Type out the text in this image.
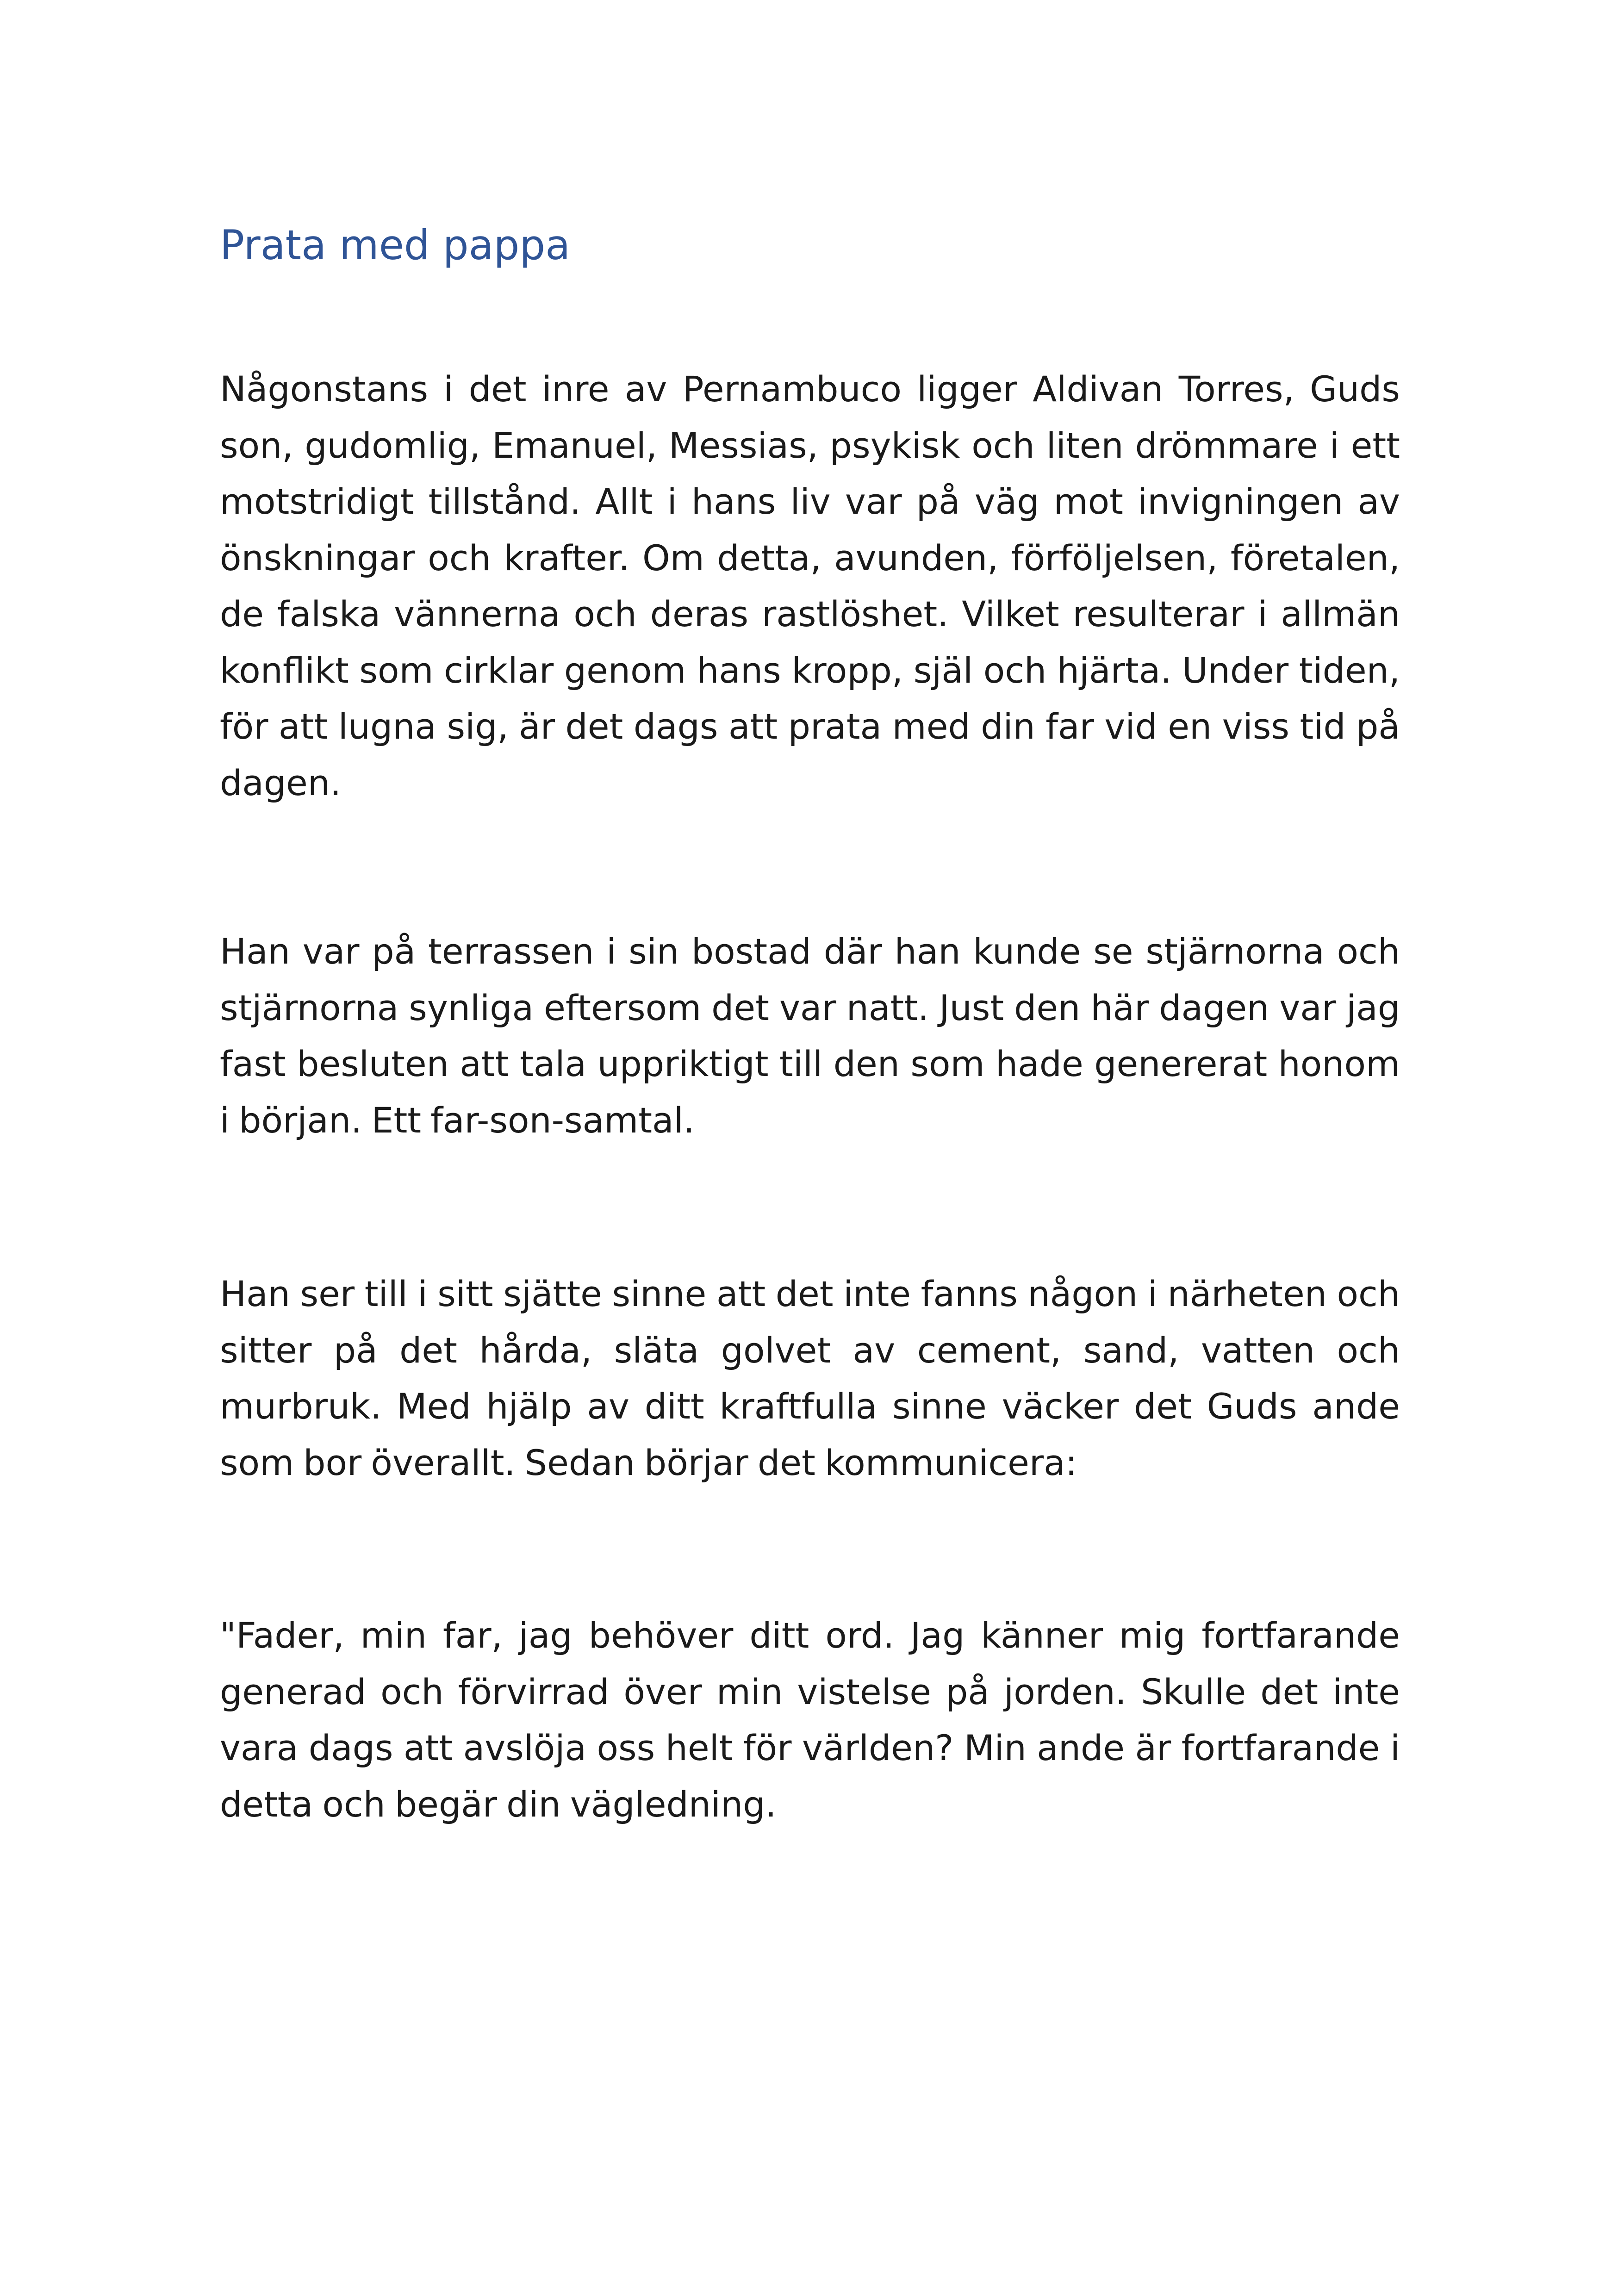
Prata med pappa

Någonstans i det inre av Pernambuco ligger Aldivan Torres, Guds son, gudomlig, Emanuel, Messias, psykisk och liten drömmare i ett motstridigt tillstånd. Allt i hans liv var på väg mot invigningen av önskningar och krafter. Om detta, avunden, förföljelsen, företalen, de falska vännerna och deras rastlöshet. Vilket resulterar i allmän konflikt som cirklar genom hans kropp, själ och hjärta. Under tiden, för att lugna sig, är det dags att prata med din far vid en viss tid på dagen.

Han var på terrassen i sin bostad där han kunde se stjärnorna och stjärnorna synliga eftersom det var natt. Just den här dagen var jag fast besluten att tala uppriktigt till den som hade genererat honom i början. Ett far-son-samtal.

Han ser till i sitt sjätte sinne att det inte fanns någon i närheten och sitter på det hårda, släta golvet av cement, sand, vatten och murbruk. Med hjälp av ditt kraftfulla sinne väcker det Guds ande som bor överallt. Sedan börjar det kommunicera:

"Fader, min far, jag behöver ditt ord. Jag känner mig fortfarande generad och förvirrad över min vistelse på jorden. Skulle det inte vara dags att avslöja oss helt för världen? Min ande är fortfarande i detta och begär din vägledning.
